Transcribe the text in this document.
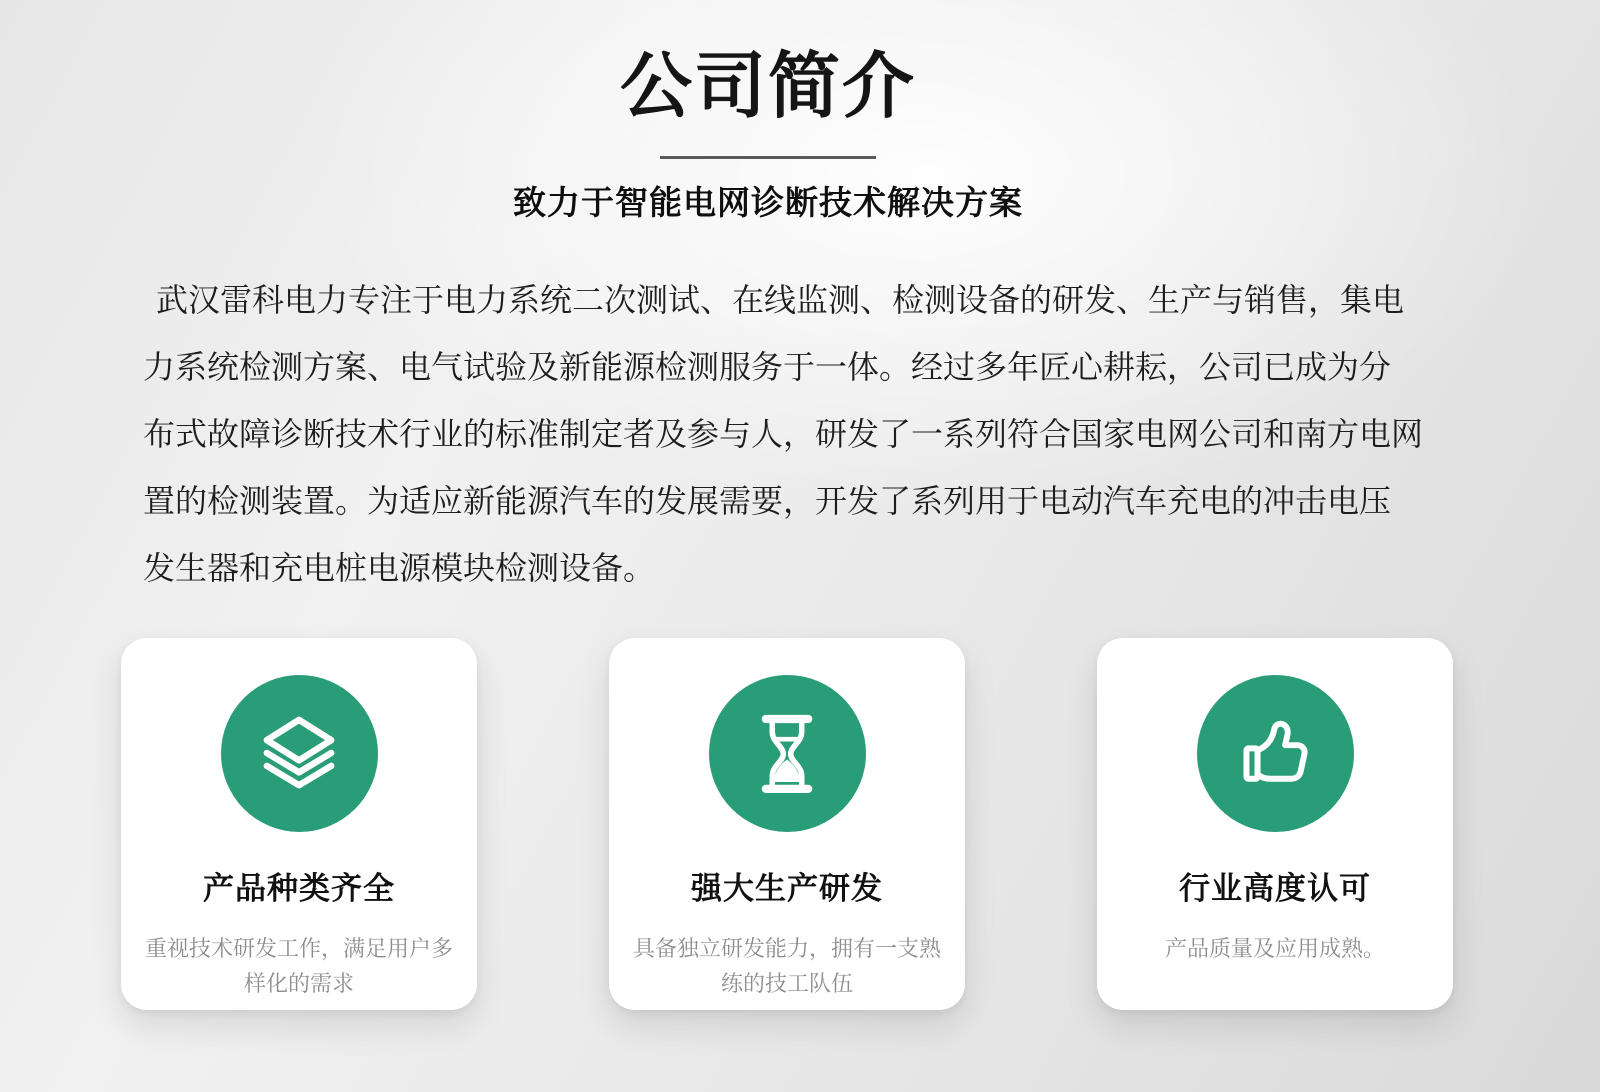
公司简介
致力于智能电网诊断技术解决方案
武汉雷科电力专注于电力系统二次测试、在线监测、检测设备的研发、生产与销售，集电
力系统检测方案、电气试验及新能源检测服务于一体。经过多年匠心耕耘，公司已成为分
布式故障诊断技术行业的标准制定者及参与人，研发了一系列符合国家电网公司和南方电网
置的检测装置。为适应新能源汽车的发展需要，开发了系列用于电动汽车充电的冲击电压
发生器和充电桩电源模块检测设备。
产品种类齐全
重视技术研发工作，满足用户多样化的需求
强大生产研发
具备独立研发能力，拥有一支熟练的技工队伍
行业高度认可
产品质量及应用成熟。
